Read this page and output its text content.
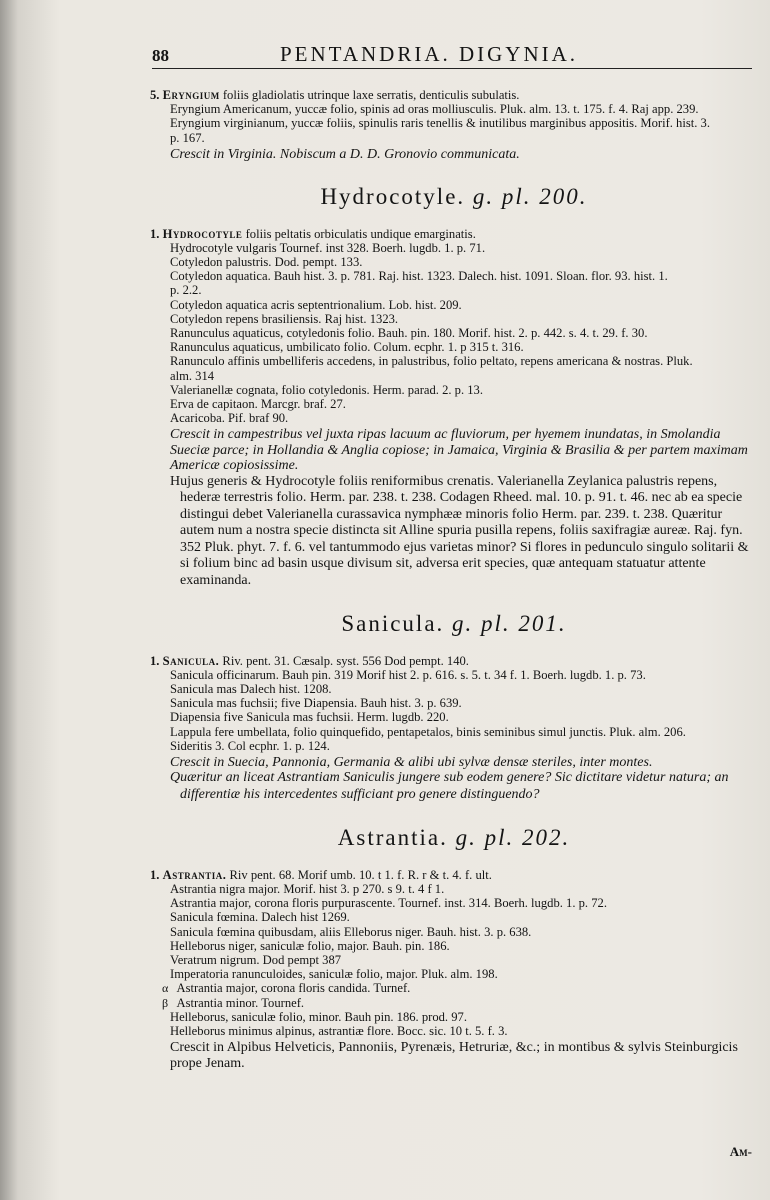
88	PENTANDRIA. DIGYNIA.
5. Eryngium foliis gladiolatis utrinque laxe serratis, denticulis subulatis.
Eryngium Americanum, yuccæ folio, spinis ad oras molliusculis. Pluk. alm. 13. t. 175. f. 4. Raj app. 239.
Eryngium virginianum, yuccæ foliis, spinulis raris tenellis & inutilibus marginibus appositis. Morif. hist. 3.
p. 167.
Crescit in Virginia. Nobiscum a D. D. Gronovio communicata.
Hydrocotyle. g. pl. 200.
1. Hydrocotyle foliis peltatis orbiculatis undique emarginatis.
Hydrocotyle vulgaris Tournef. inst 328. Boerh. lugdb. 1. p. 71.
Cotyledon palustris. Dod. pempt. 133.
Cotyledon aquatica. Bauh hist. 3. p. 781. Raj. hist. 1323. Dalech. hist. 1091. Sloan. flor. 93. hist. 1.
p. 2.2.
Cotyledon aquatica acris septentrionalium. Lob. hist. 209.
Cotyledon repens brasiliensis. Raj hist. 1323.
Ranunculus aquaticus, cotyledonis folio. Bauh. pin. 180. Morif. hist. 2. p. 442. s. 4. t. 29. f. 30.
Ranunculus aquaticus, umbilicato folio. Colum. ecphr. 1. p 315 t. 316.
Ranunculo affinis umbelliferis accedens, in palustribus, folio peltato, repens americana & nostras. Pluk.
alm. 314
Valerianellæ cognata, folio cotyledonis. Herm. parad. 2. p. 13.
Erva de capitaon. Marcgr. braf. 27.
Acaricoba. Pif. braf 90.
Crescit in campestribus vel juxta ripas lacuum ac fluviorum, per hyemem inundatas, in Smolandia Sueciæ parce; in Hollandia & Anglia copiose; in Jamaica, Virginia & Brasilia & per partem maximam Americæ copiosissime.
Hujus generis & Hydrocotyle foliis reniformibus crenatis. Valerianella Zeylanica palustris repens, hederæ terrestris folio. Herm. par. 238. t. 238. Codagen Rheed. mal. 10. p. 91. t. 46. nec ab ea specie distingui debet Valerianella curassavica nymphææ minoris folio Herm. par. 239. t. 238. Quæritur autem num a nostra specie distincta sit Alline spuria pusilla repens, foliis saxifragiæ aureæ. Raj. fyn. 352 Pluk. phyt. 7. f. 6. vel tantummodo ejus varietas minor? Si flores in pedunculo singulo solitarii & si folium binc ad basin usque divisum sit, adversa erit species, quæ antequam statuatur attente examinanda.
Sanicula. g. pl. 201.
1. Sanicula. Riv. pent. 31. Cæsalp. syst. 556 Dod pempt. 140.
Sanicula officinarum. Bauh pin. 319 Morif hist 2. p. 616. s. 5. t. 34 f. 1. Boerh. lugdb. 1. p. 73.
Sanicula mas Dalech hist. 1208.
Sanicula mas fuchsii; five Diapensia. Bauh hist. 3. p. 639.
Diapensia five Sanicula mas fuchsii. Herm. lugdb. 220.
Lappula fere umbellata, folio quinquefido, pentapetalos, binis seminibus simul junctis. Pluk. alm. 206.
Sideritis 3. Col ecphr. 1. p. 124.
Crescit in Suecia, Pannonia, Germania & alibi ubi sylvæ densæ steriles, inter montes.
Quæritur an liceat Astrantiam Saniculis jungere sub eodem genere? Sic dictitare videtur natura; an differentiæ his intercedentes sufficiant pro genere distinguendo?
Astrantia. g. pl. 202.
1. Astrantia. Riv pent. 68. Morif umb. 10. t 1. f. R. r & t. 4. f. ult.
Astrantia nigra major. Morif. hist 3. p 270. s 9. t. 4 f 1.
Astrantia major, corona floris purpurascente. Tournef. inst. 314. Boerh. lugdb. 1. p. 72.
Sanicula fœmina. Dalech hist 1269.
Sanicula fœmina quibusdam, aliis Elleborus niger. Bauh. hist. 3. p. 638.
Helleborus niger, saniculæ folio, major. Bauh. pin. 186.
Veratrum nigrum. Dod pempt 387
Imperatoria ranunculoides, saniculæ folio, major. Pluk. alm. 198.
α Astrantia major, corona floris candida. Turnef.
β Astrantia minor. Tournef.
Helleborus, saniculæ folio, minor. Bauh pin. 186. prod. 97.
Helleborus minimus alpinus, astrantiæ flore. Bocc. sic. 10 t. 5. f. 3.
Crescit in Alpibus Helveticis, Pannoniis, Pyrenæis, Hetruriæ, &c.; in montibus & sylvis Steinburgicis prope Jenam.
Am-
